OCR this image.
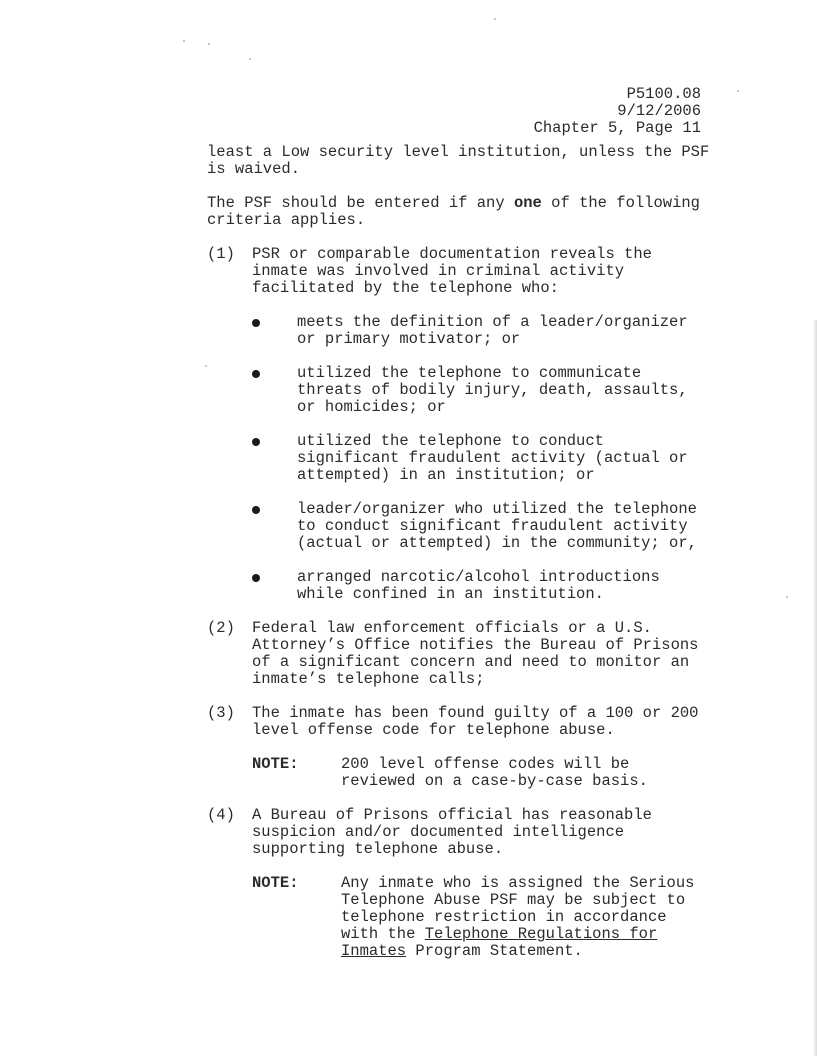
P5100.08
9/12/2006
Chapter 5, Page 11

least a Low security level institution, unless the PSF is waived.

The PSF should be entered if any one of the following criteria applies.

(1) PSR or comparable documentation reveals the inmate was involved in criminal activity facilitated by the telephone who:

meets the definition of a leader/organizer or primary motivator; or

utilized the telephone to communicate threats of bodily injury, death, assaults, or homicides; or

utilized the telephone to conduct significant fraudulent activity (actual or attempted) in an institution; or

leader/organizer who utilized the telephone to conduct significant fraudulent activity (actual or attempted) in the community; or,

arranged narcotic/alcohol introductions while confined in an institution.

(2) Federal law enforcement officials or a U.S. Attorney’s Office notifies the Bureau of Prisons of a significant concern and need to monitor an inmate’s telephone calls;

(3) The inmate has been found guilty of a 100 or 200 level offense code for telephone abuse.

NOTE:	200 level offense codes will be reviewed on a case-by-case basis.

(4) A Bureau of Prisons official has reasonable suspicion and/or documented intelligence supporting telephone abuse.

NOTE:	Any inmate who is assigned the Serious Telephone Abuse PSF may be subject to telephone restriction in accordance with the Telephone Regulations for Inmates Program Statement.
